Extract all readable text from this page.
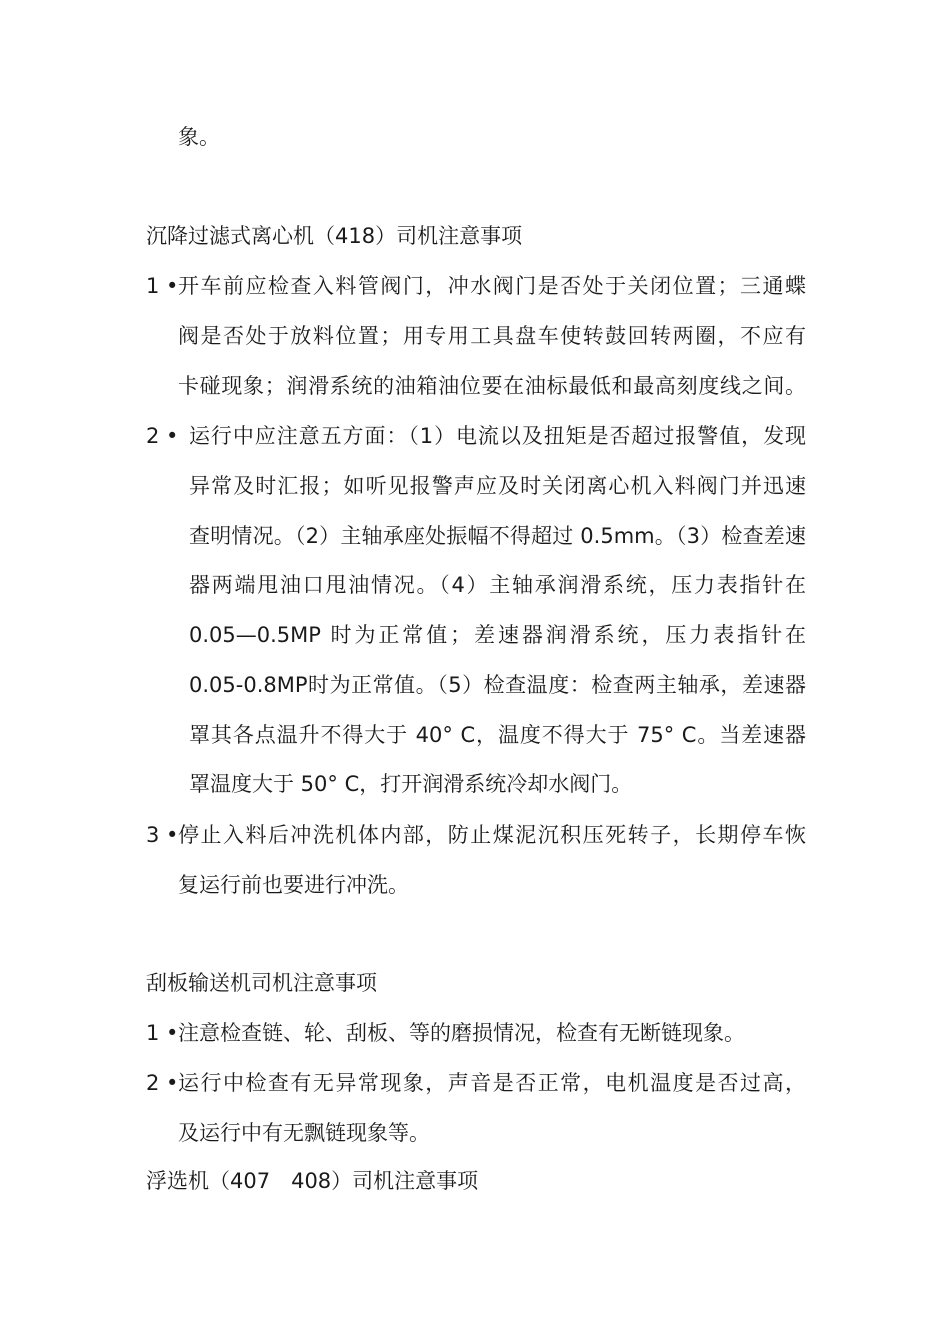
象。
沉降过滤式离心机（418）司机注意事项
1 • 开车前应检查入料管阀门，冲水阀门是否处于关闭位置；三通蝶
阀是否处于放料位置；用专用工具盘车使转鼓回转两圈，不应有
卡碰现象；润滑系统的油箱油位要在油标最低和最高刻度线之间。
2 • 运行中应注意五方面：（1）电流以及扭矩是否超过报警值，发现
异常及时汇报；如听见报警声应及时关闭离心机入料阀门并迅速
查明情况。（2）主轴承座处振幅不得超过 0.5mm。（3）检查差速
器两端甩油口甩油情况。（4）主轴承润滑系统，压力表指针在
0.05—0.5MP 时为正常值；差速器润滑系统，压力表指针在
0.05-0.8MP时为正常值。（5）检查温度：检查两主轴承，差速器
罩其各点温升不得大于 40° C，温度不得大于 75° C。当差速器
罩温度大于 50° C，打开润滑系统冷却水阀门。
3 • 停止入料后冲洗机体内部，防止煤泥沉积压死转子，长期停车恢
复运行前也要进行冲洗。
刮板输送机司机注意事项
1 • 注意检查链、轮、刮板、等的磨损情况，检查有无断链现象。
2 • 运行中检查有无异常现象，声音是否正常，电机温度是否过高，
及运行中有无飘链现象等。
浮选机（407　408）司机注意事项
